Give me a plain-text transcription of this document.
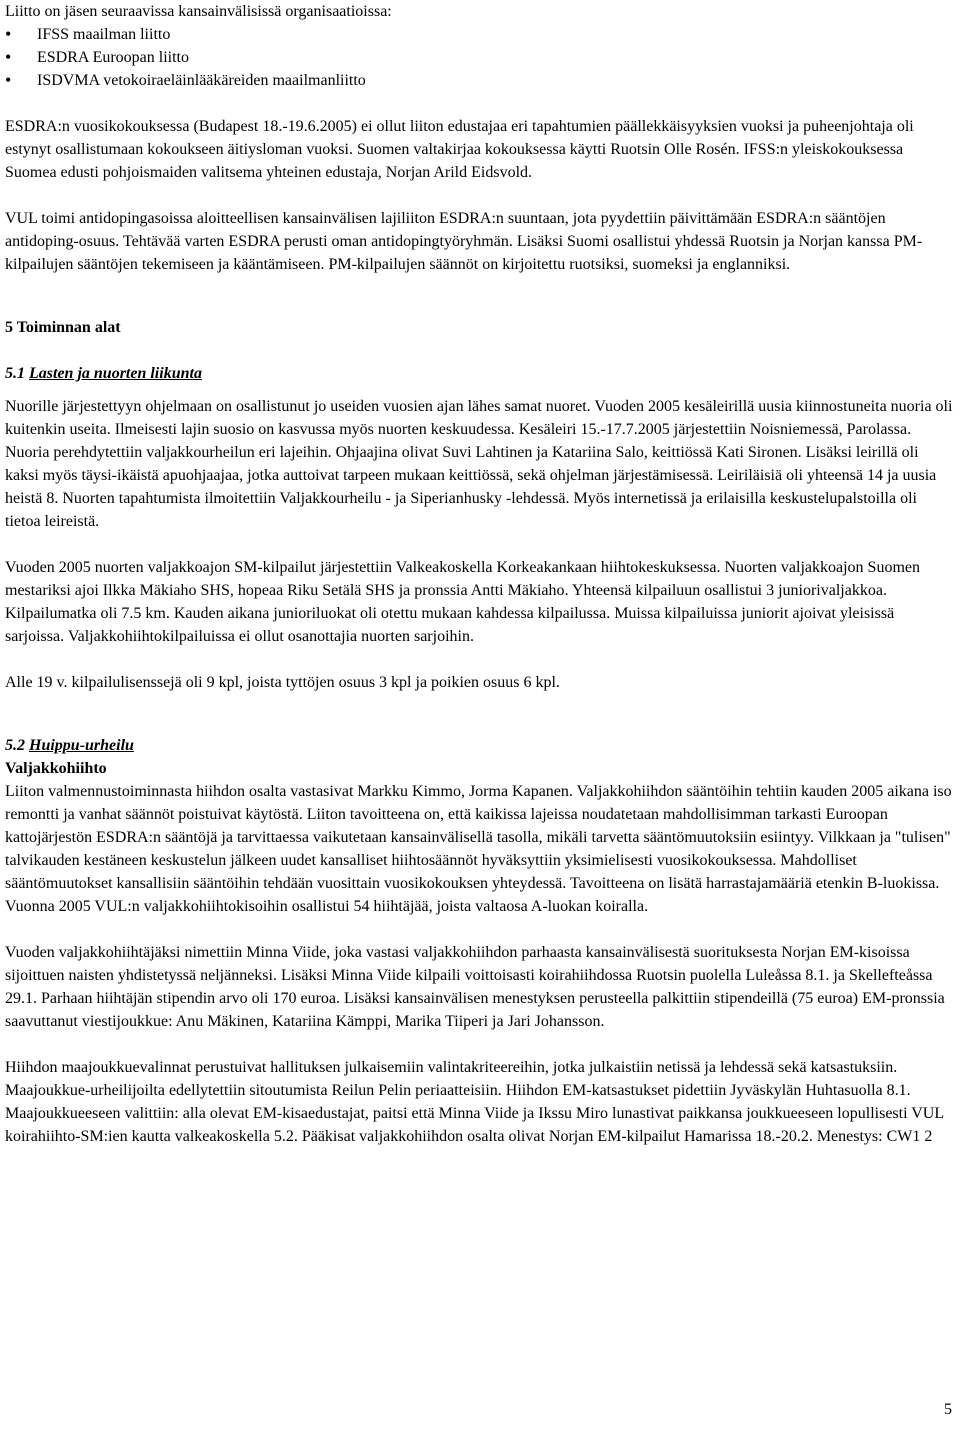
Liitto on jäsen seuraavissa kansainvälisissä organisaatioissa:

•
IFSS maailman liitto
•
ESDRA Euroopan liitto
•
ISDVMA vetokoiraeläinlääkäreiden maailmanliitto

ESDRA:n vuosikokouksessa (Budapest 18.-19.6.2005) ei ollut liiton edustajaa eri tapahtumien päällekkäisyyksien vuoksi ja puheenjohtaja oli estynyt osallistumaan kokoukseen äitiysloman vuoksi. Suomen valtakirjaa kokouksessa käytti Ruotsin Olle Rosén. IFSS:n yleiskokouksessa Suomea edusti pohjoismaiden valitsema yhteinen edustaja, Norjan Arild Eidsvold.

VUL toimi antidopingasoissa aloitteellisen kansainvälisen lajiliiton ESDRA:n suuntaan, jota pyydettiin päivittämään ESDRA:n sääntöjen antidoping-osuus. Tehtävää varten ESDRA perusti oman antidopingtyöryhmän. Lisäksi Suomi osallistui yhdessä Ruotsin ja Norjan kanssa PM-kilpailujen sääntöjen tekemiseen ja kääntämiseen. PM-kilpailujen säännöt on kirjoitettu ruotsiksi, suomeksi ja englanniksi.

5 Toiminnan alat

5.1 Lasten ja nuorten liikunta

Nuorille järjestettyyn ohjelmaan on osallistunut jo useiden vuosien ajan lähes samat nuoret. Vuoden 2005 kesäleirillä uusia kiinnostuneita nuoria oli kuitenkin useita. Ilmeisesti lajin suosio on kasvussa myös nuorten keskuudessa. Kesäleiri 15.-17.7.2005 järjestettiin Noisniemessä, Parolassa. Nuoria perehdytettiin valjakkourheilun eri lajeihin. Ohjaajina olivat Suvi Lahtinen ja Katariina Salo, keittiössä Kati Sironen. Lisäksi leirillä oli kaksi myös täysi-ikäistä apuohjaajaa, jotka auttoivat tarpeen mukaan keittiössä, sekä ohjelman järjestämisessä. Leiriläisiä oli yhteensä 14 ja uusia heistä 8. Nuorten tapahtumista ilmoitettiin Valjakkourheilu - ja Siperianhusky -lehdessä. Myös internetissä ja erilaisilla keskustelupalstoilla oli tietoa leireistä.

Vuoden 2005 nuorten valjakkoajon SM-kilpailut järjestettiin Valkeakoskella Korkeakankaan hiihtokeskuksessa. Nuorten valjakkoajon Suomen mestariksi ajoi Ilkka Mäkiaho SHS, hopeaa Riku Setälä SHS ja pronssia Antti Mäkiaho. Yhteensä kilpailuun osallistui 3 juniorivaljakkoa. Kilpailumatka oli 7.5 km. Kauden aikana junioriluokat oli otettu mukaan kahdessa kilpailussa. Muissa kilpailuissa juniorit ajoivat yleisissä sarjoissa. Valjakkohiihtokilpailuissa ei ollut osanottajia nuorten sarjoihin.

Alle 19 v. kilpailulisenssejä oli 9 kpl, joista tyttöjen osuus 3 kpl ja poikien osuus 6 kpl.

5.2 Huippu-urheilu

Valjakkohiihto

Liiton valmennustoiminnasta hiihdon osalta vastasivat Markku Kimmo, Jorma Kapanen. Valjakkohiihdon sääntöihin tehtiin kauden 2005 aikana iso remontti ja vanhat säännöt poistuivat käytöstä. Liiton tavoitteena on, että kaikissa lajeissa noudatetaan mahdollisimman tarkasti Euroopan kattojärjestön ESDRA:n sääntöjä ja tarvittaessa vaikutetaan kansainvälisellä tasolla, mikäli tarvetta sääntömuutoksiin esiintyy. Vilkkaan ja "tulisen" talvikauden kestäneen keskustelun jälkeen uudet kansalliset hiihtosäännöt hyväksyttiin yksimielisesti vuosikokouksessa. Mahdolliset sääntömuutokset kansallisiin sääntöihin tehdään vuosittain vuosikokouksen yhteydessä. Tavoitteena on lisätä harrastajamääriä etenkin B-luokissa. Vuonna 2005 VUL:n valjakkohiihtokisoihin osallistui 54 hiihtäjää, joista valtaosa A-luokan koiralla.

Vuoden valjakkohiihtäjäksi nimettiin Minna Viide, joka vastasi valjakkohiihdon parhaasta kansainvälisestä suorituksesta Norjan EM-kisoissa sijoittuen naisten yhdistetyssä neljänneksi. Lisäksi Minna Viide kilpaili voittoisasti koirahiihdossa Ruotsin puolella Luleåssa 8.1. ja Skellefteåssa 29.1. Parhaan hiihtäjän stipendin arvo oli 170 euroa. Lisäksi kansainvälisen menestyksen perusteella palkittiin stipendeillä (75 euroa) EM-pronssia saavuttanut viestijoukkue: Anu Mäkinen, Katariina Kämppi, Marika Tiiperi ja Jari Johansson.

Hiihdon maajoukkuevalinnat perustuivat hallituksen julkaisemiin valintakriteereihin, jotka julkaistiin netissä ja lehdessä sekä katsastuksiin. Maajoukkue-urheilijoilta edellytettiin sitoutumista Reilun Pelin periaatteisiin. Hiihdon EM-katsastukset pidettiin Jyväskylän Huhtasuolla 8.1. Maajoukkueeseen valittiin: alla olevat EM-kisaedustajat, paitsi että Minna Viide ja Ikssu Miro lunastivat paikkansa joukkueeseen lopullisesti VUL koirahiihto-SM:ien kautta valkeakoskella 5.2. Pääkisat valjakkohiihdon osalta olivat Norjan EM-kilpailut Hamarissa 18.-20.2. Menestys: CW1 2

5
